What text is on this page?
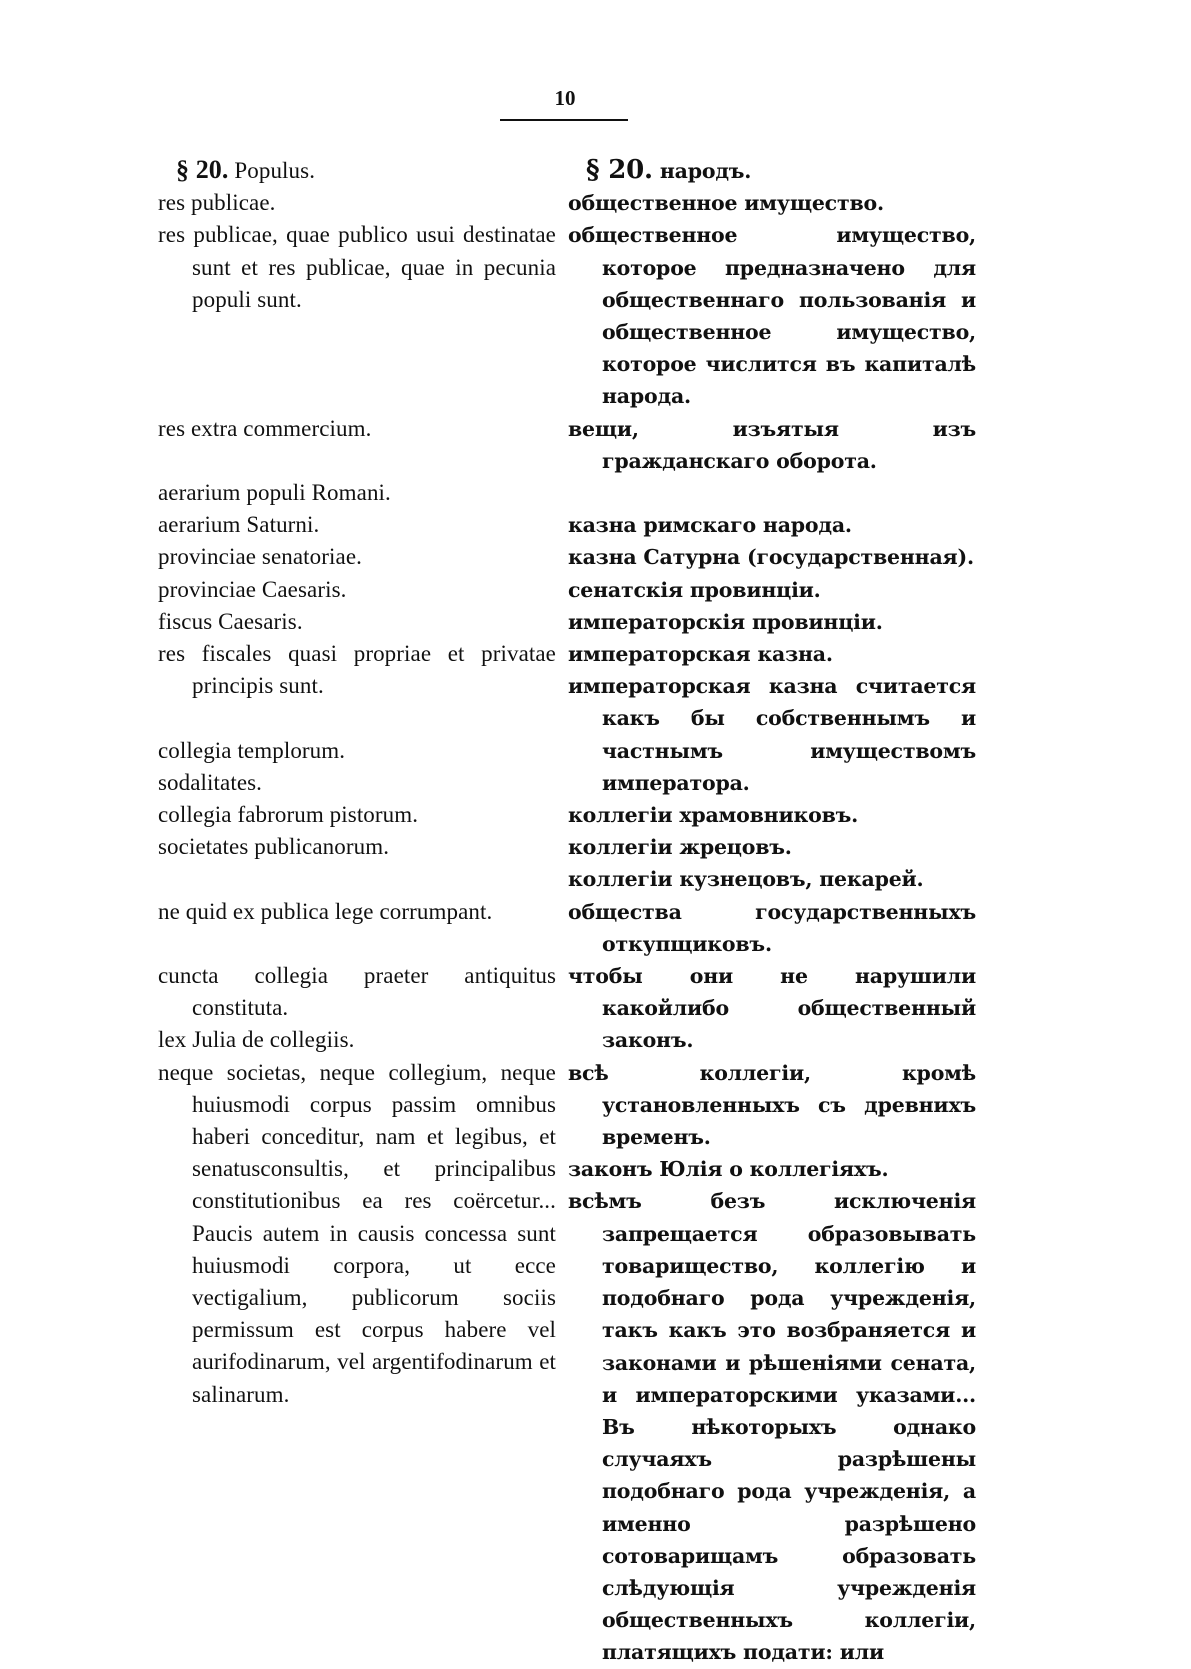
10
§ 20. Populus.

res publicae.

res publicae, quae publico usui destinatae sunt et res publicae, quae in pecunia populi sunt.

res extra commercium.

aerarium populi Romani.

aerarium Saturni.

provinciae senatoriae.

provinciae Caesaris.

fiscus Caesaris.

res fiscales quasi propriae et privatae principis sunt.

collegia templorum.

sodalitates.

collegia fabrorum pistorum.

societates publicanorum.

ne quid ex publica lege corrumpant.

cuncta collegia praeter antiquitus constituta.

lex Julia de collegiis.

neque societas, neque collegium, neque huiusmodi corpus passim omnibus haberi conceditur, nam et legibus, et senatusconsultis, et principalibus constitutionibus ea res coërcetur... Paucis autem in causis concessa sunt huiusmodi corpora, ut ecce vectigalium, publicorum sociis permissum est corpus habere vel aurifodinarum, vel argentifodinarum et salinarum.

§ 20. народъ.

общественное имущество.

общественное имущество, которое предназначено для общественнаго пользованія и общественное имущество, которое числится въ капиталѣ народа.

вещи, изъятыя изъ гражданскаго оборота.

казна римскаго народа.

казна Сатурна (государственная).

сенатскія провинціи.

императорскія провинціи.

императорская казна.

императорская казна считается какъ бы собственнымъ и частнымъ имуществомъ императора.

коллегіи храмовниковъ.

коллегіи жрецовъ.

коллегіи кузнецовъ, пекарей.

общества государственныхъ откупщиковъ.

чтобы они не нарушили какойлибо общественный законъ.

всѣ коллегіи, кромѣ установленныхъ съ древнихъ временъ.

законъ Юлія о коллегіяхъ.

всѣмъ безъ исключенія запрещается образовывать товарищество, коллегію и подобнаго рода учрежденія, такъ какъ это возбраняется и законами и рѣшеніями сената, и императорскими указами... Въ нѣкоторыхъ однако случаяхъ разрѣшены подобнаго рода учрежденія, а именно разрѣшено сотоварищамъ образовать слѣдующія учрежденія общественныхъ коллегіи, платящихъ подати: или
